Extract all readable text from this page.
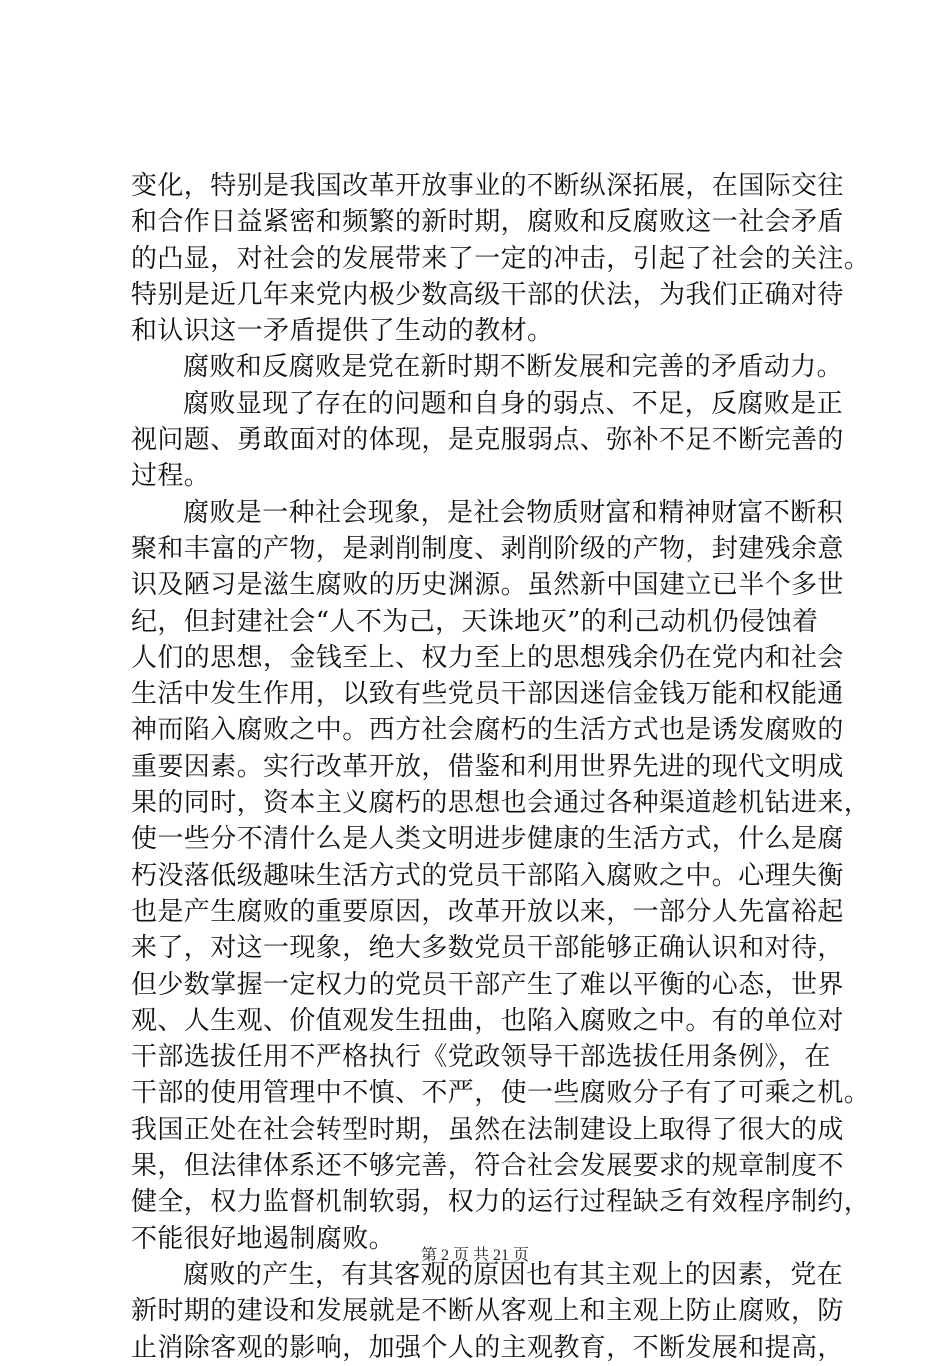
变化，特别是我国改革开放事业的不断纵深拓展，在国际交往
和合作日益紧密和频繁的新时期，腐败和反腐败这一社会矛盾
的凸显，对社会的发展带来了一定的冲击，引起了社会的关注。
特别是近几年来党内极少数高级干部的伏法，为我们正确对待
和认识这一矛盾提供了生动的教材。
腐败和反腐败是党在新时期不断发展和完善的矛盾动力。
腐败显现了存在的问题和自身的弱点、不足，反腐败是正
视问题、勇敢面对的体现，是克服弱点、弥补不足不断完善的
过程。
腐败是一种社会现象，是社会物质财富和精神财富不断积
聚和丰富的产物，是剥削制度、剥削阶级的产物，封建残余意
识及陋习是滋生腐败的历史渊源。虽然新中国建立已半个多世
纪，但封建社会“人不为己，天诛地灭”的利己动机仍侵蚀着
人们的思想，金钱至上、权力至上的思想残余仍在党内和社会
生活中发生作用，以致有些党员干部因迷信金钱万能和权能通
神而陷入腐败之中。西方社会腐朽的生活方式也是诱发腐败的
重要因素。实行改革开放，借鉴和利用世界先进的现代文明成
果的同时，资本主义腐朽的思想也会通过各种渠道趁机钻进来，
使一些分不清什么是人类文明进步健康的生活方式，什么是腐
朽没落低级趣味生活方式的党员干部陷入腐败之中。心理失衡
也是产生腐败的重要原因，改革开放以来，一部分人先富裕起
来了，对这一现象，绝大多数党员干部能够正确认识和对待，
但少数掌握一定权力的党员干部产生了难以平衡的心态，世界
观、人生观、价值观发生扭曲，也陷入腐败之中。有的单位对
干部选拔任用不严格执行《党政领导干部选拔任用条例》，在
干部的使用管理中不慎、不严，使一些腐败分子有了可乘之机。
我国正处在社会转型时期，虽然在法制建设上取得了很大的成
果，但法律体系还不够完善，符合社会发展要求的规章制度不
健全，权力监督机制软弱，权力的运行过程缺乏有效程序制约，
不能很好地遏制腐败。
腐败的产生，有其客观的原因也有其主观上的因素，党在
新时期的建设和发展就是不断从客观上和主观上防止腐败，防
止消除客观的影响，加强个人的主观教育，不断发展和提高，
第 2 页 共 21 页
